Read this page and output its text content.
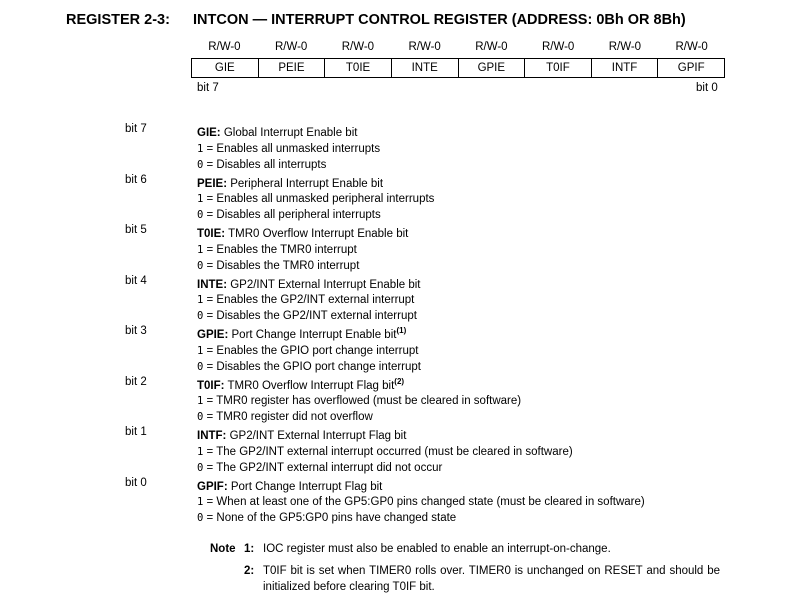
REGISTER 2-3: INTCON — INTERRUPT CONTROL REGISTER (ADDRESS: 0Bh OR 8Bh)
R/W-0	R/W-0	R/W-0	R/W-0	R/W-0	R/W-0	R/W-0	R/W-0
GIE	PEIE	T0IE	INTE	GPIE	T0IF	INTF	GPIF
bit 7	bit 0
bit 7	GIE: Global Interrupt Enable bit
1 = Enables all unmasked interrupts
0 = Disables all interrupts
bit 6	PEIE: Peripheral Interrupt Enable bit
1 = Enables all unmasked peripheral interrupts
0 = Disables all peripheral interrupts
bit 5	T0IE: TMR0 Overflow Interrupt Enable bit
1 = Enables the TMR0 interrupt
0 = Disables the TMR0 interrupt
bit 4	INTE: GP2/INT External Interrupt Enable bit
1 = Enables the GP2/INT external interrupt
0 = Disables the GP2/INT external interrupt
bit 3	GPIE: Port Change Interrupt Enable bit$^{(1)}$
1 = Enables the GPIO port change interrupt
0 = Disables the GPIO port change interrupt
bit 2	T0IF: TMR0 Overflow Interrupt Flag bit$^{(2)}$
1 = TMR0 register has overflowed (must be cleared in software)
0 = TMR0 register did not overflow
bit 1	INTF: GP2/INT External Interrupt Flag bit
1 = The GP2/INT external interrupt occurred (must be cleared in software)
0 = The GP2/INT external interrupt did not occur
bit 0	GPIF: Port Change Interrupt Flag bit
1 = When at least one of the GP5:GP0 pins changed state (must be cleared in software)
0 = None of the GP5:GP0 pins have changed state
Note 1: IOC register must also be enabled to enable an interrupt-on-change.
2: T0IF bit is set when TIMER0 rolls over. TIMER0 is unchanged on RESET and should be initialized before clearing T0IF bit.
